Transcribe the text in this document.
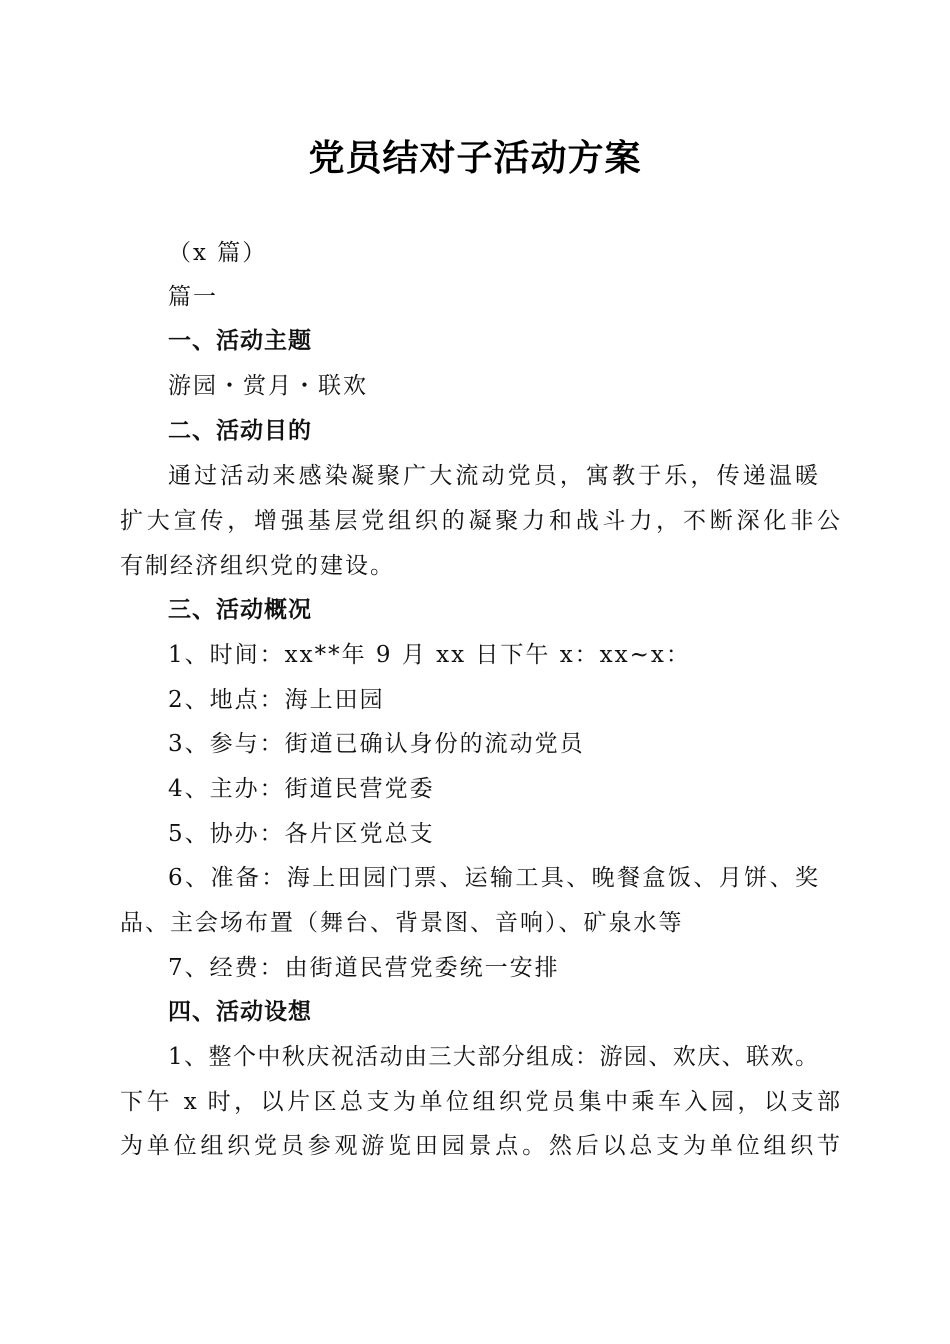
党员结对子活动方案
（x 篇）
篇一
一、活动主题
游园・赏月・联欢
二、活动目的
通过活动来感染凝聚广大流动党员，寓教于乐，传递温暖
扩大宣传，增强基层党组织的凝聚力和战斗力，不断深化非公
有制经济组织党的建设。
三、活动概况
1、时间：xx**年 9 月 xx 日下午 x：xx~x：
2、地点：海上田园
3、参与：街道已确认身份的流动党员
4、主办：街道民营党委
5、协办：各片区党总支
6、准备：海上田园门票、运输工具、晚餐盒饭、月饼、奖
品、主会场布置（舞台、背景图、音响）、矿泉水等
7、经费：由街道民营党委统一安排
四、活动设想
1、整个中秋庆祝活动由三大部分组成：游园、欢庆、联欢。
下午 x 时，以片区总支为单位组织党员集中乘车入园，以支部
为单位组织党员参观游览田园景点。然后以总支为单位组织节
